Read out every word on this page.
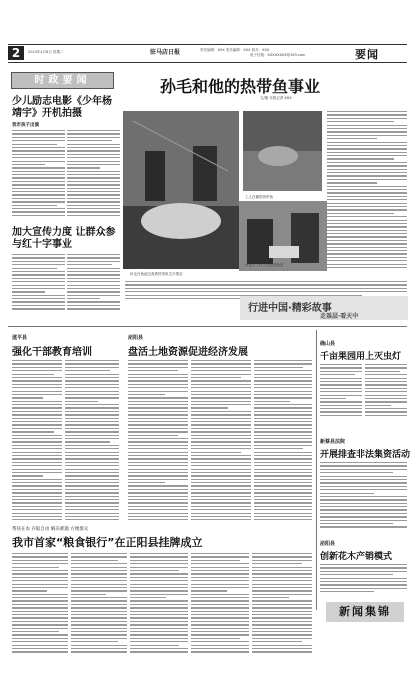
2	2014年4月8日 星期二	驻马店日报	责任编辑：XXX 美术编辑：XXX 校对：XXX
电子信箱：XXXXXXXX@163.com	要闻
时政要闻	孙毛和他的热带鱼事业
文/图 本报记者 XXX
孙毛在鱼池边查看热带鱼生长情况
工人在捕捞热带鱼
孙毛与工作人员检查鱼苗
少儿励志电影《少年杨靖宇》开机拍摄
我市孩子出演
加大宣传力度 让群众参与红十字事业
行进中国·精彩故事
走基层·看天中
遂平县
强化干部教育培训
泌阳县
盘活土地资源促进经济发展
确山县
千亩果园用上灭虫灯
新蔡县法院
开展排查非法集资活动
帮扶在农 存取自由 解决难题 方便群众
我市首家“粮食银行”在正阳县挂牌成立	泌阳县
创新花木产销模式
新闻集锦
